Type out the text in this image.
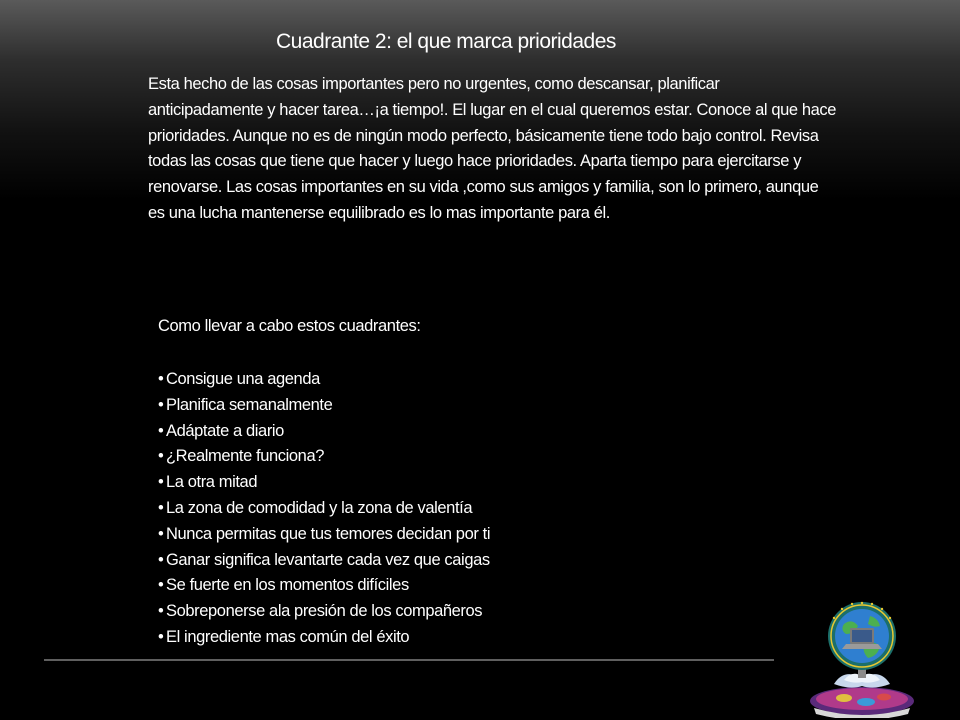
Cuadrante 2: el que marca prioridades
Esta hecho de las cosas importantes pero no urgentes, como descansar, planificar anticipadamente y hacer tarea…¡a tiempo!. El lugar en el cual queremos estar. Conoce al que hace prioridades. Aunque no es de ningún modo perfecto, básicamente tiene todo bajo control. Revisa todas las cosas que tiene que hacer y luego hace prioridades. Aparta tiempo para ejercitarse y renovarse. Las cosas importantes en su vida ,como sus amigos y familia, son lo primero, aunque es una lucha mantenerse equilibrado es lo mas importante para él.
Como llevar a cabo estos cuadrantes:
• Consigue una agenda
• Planifica semanalmente
• Adáptate a diario
• ¿Realmente funciona?
• La otra mitad
• La zona de comodidad y la zona de valentía
• Nunca permitas que tus temores decidan por ti
• Ganar significa levantarte cada vez que caigas
• Se fuerte en los momentos difíciles
• Sobreponerse ala presión de los compañeros
• El ingrediente mas común del éxito
